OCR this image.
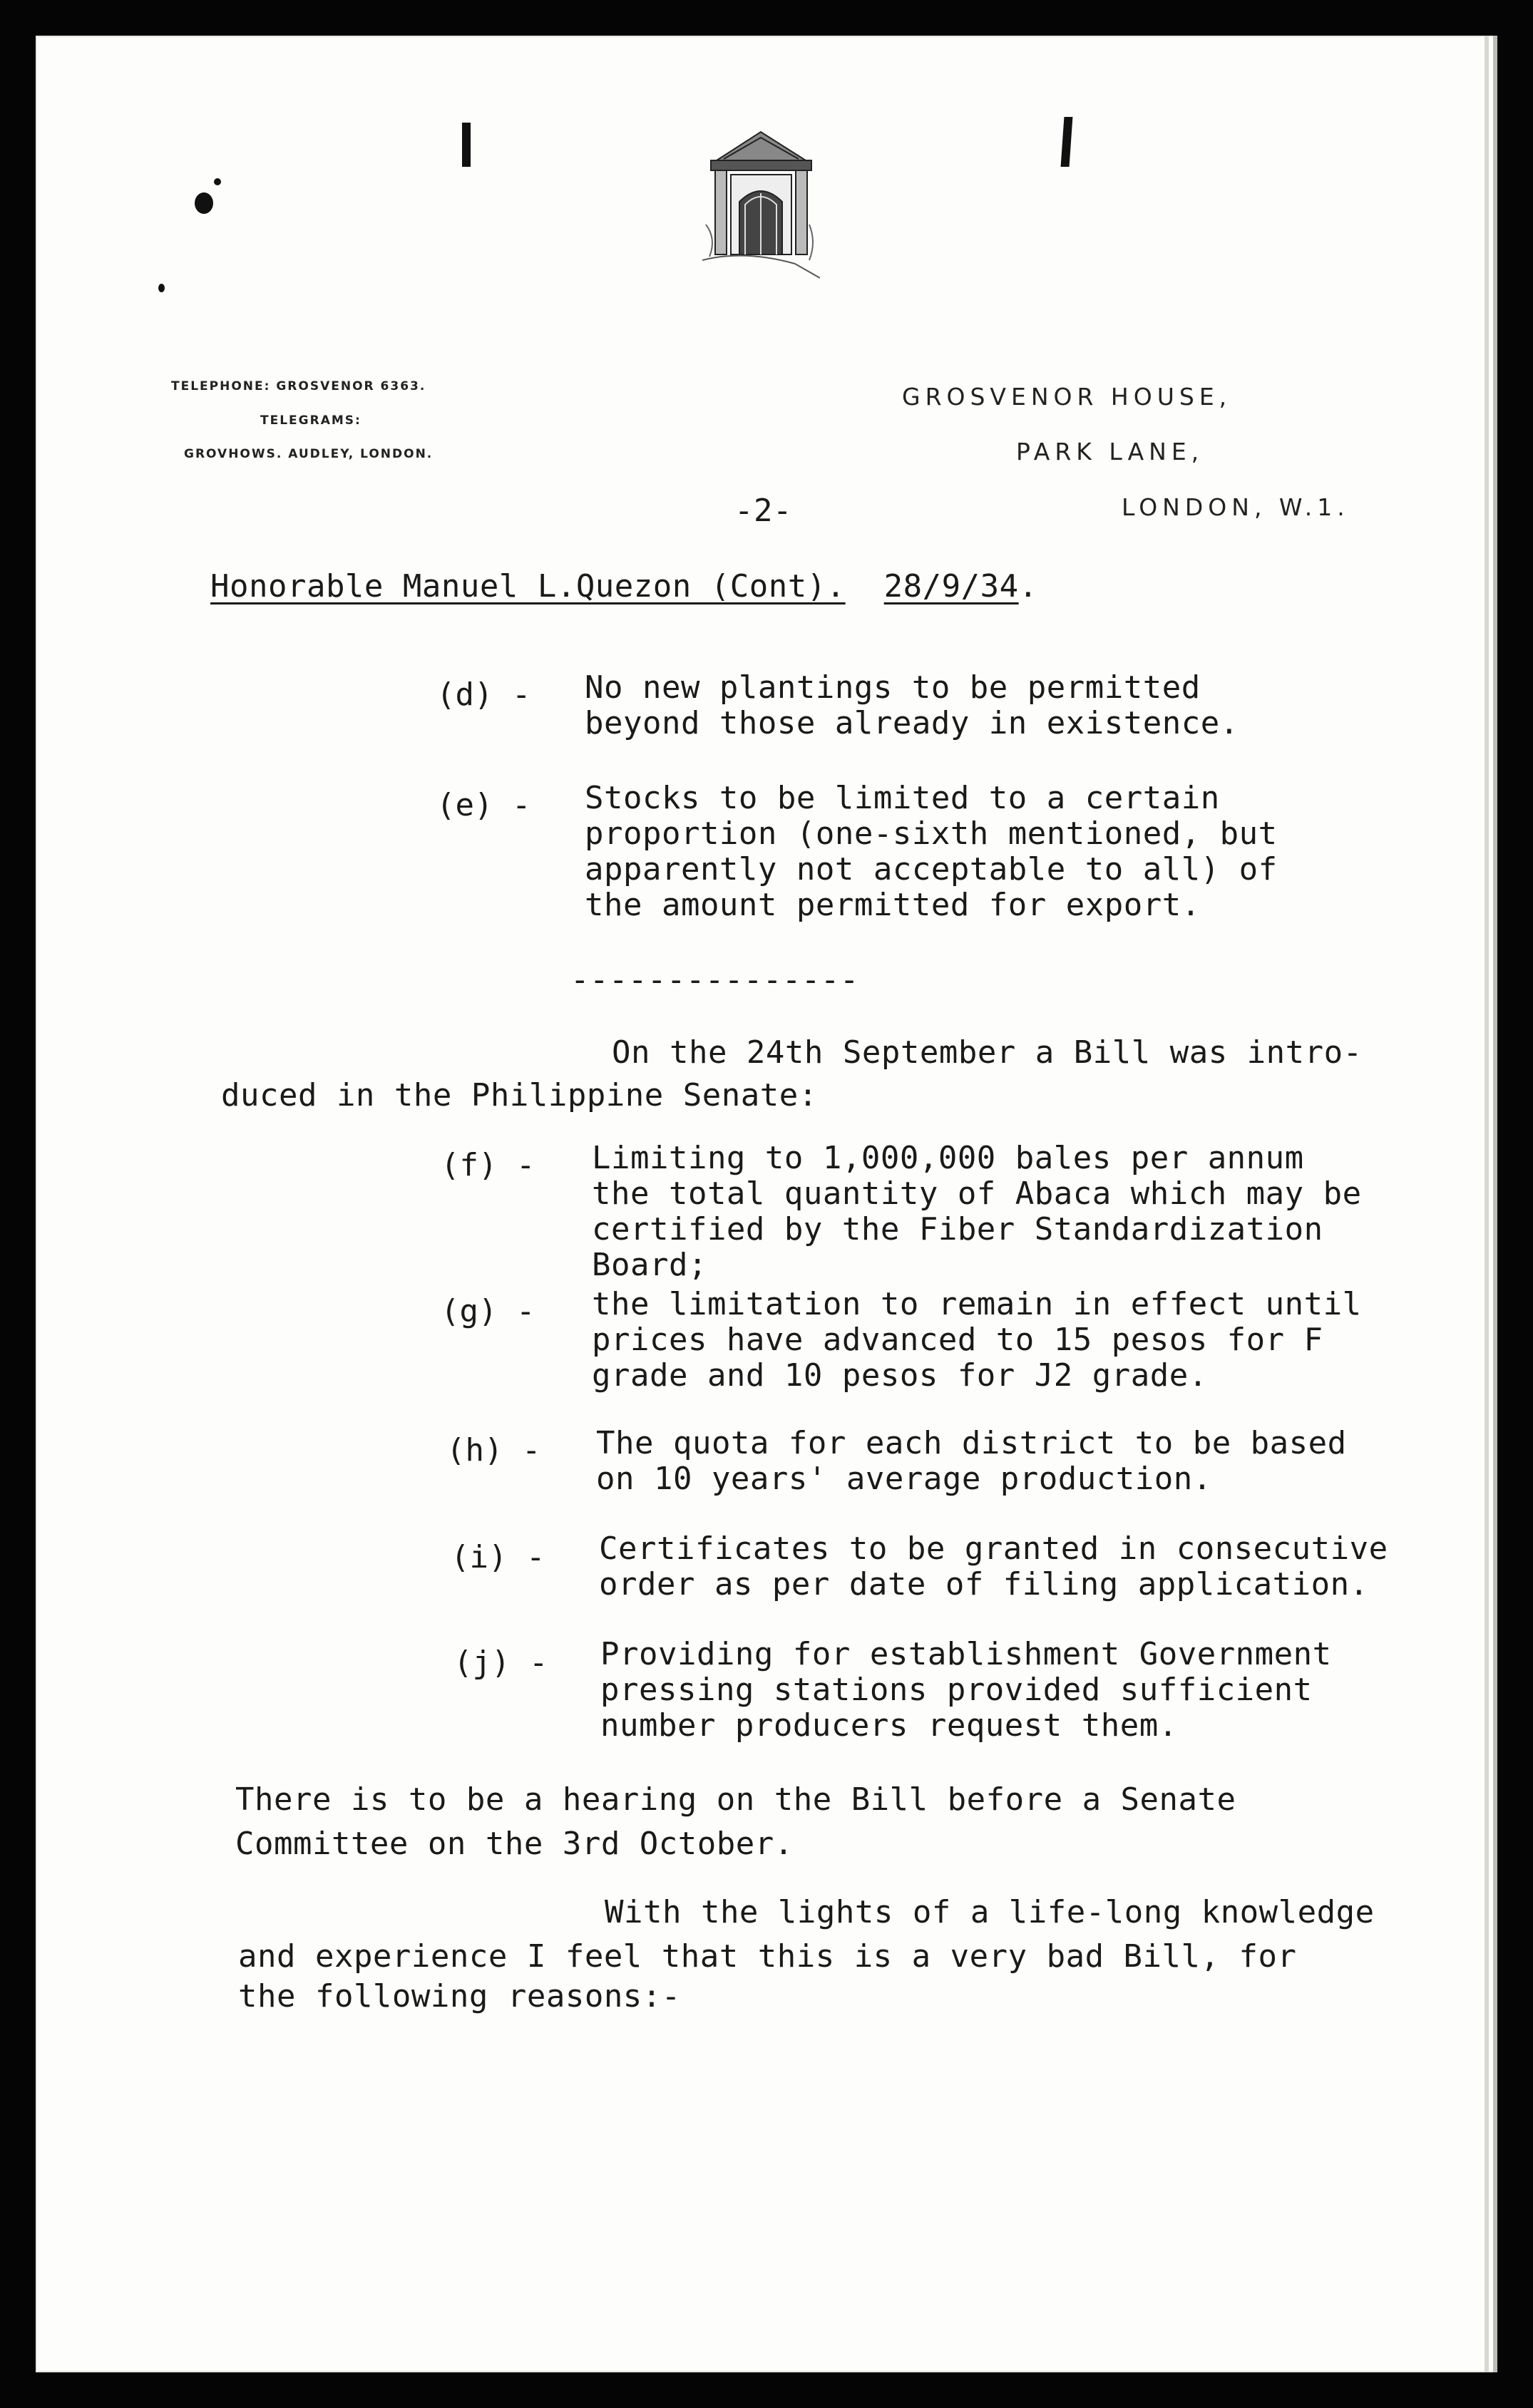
TELEPHONE: GROSVENOR 6363.
TELEGRAMS:
GROVHOWS. AUDLEY, LONDON.
GROSVENOR HOUSE,
PARK LANE,
LONDON, W.1.
-2-
Honorable Manuel L.Quezon (Cont). 28/9/34.
(d) - No new plantings to be permitted
beyond those already in existence.
(e) - Stocks to be limited to a certain
proportion (one-sixth mentioned, but
apparently not acceptable to all) of
the amount permitted for export.
---------------
On the 24th September a Bill was intro-
duced in the Philippine Senate:
(f) - Limiting to 1,000,000 bales per annum
the total quantity of Abaca which may be
certified by the Fiber Standardization
Board;
(g) - the limitation to remain in effect until
prices have advanced to 15 pesos for F
grade and 10 pesos for J2 grade.
(h) - The quota for each district to be based
on 10 years' average production.
(i) - Certificates to be granted in consecutive
order as per date of filing application.
(j) - Providing for establishment Government
pressing stations provided sufficient
number producers request them.
There is to be a hearing on the Bill before a Senate
Committee on the 3rd October.
With the lights of a life-long knowledge
and experience I feel that this is a very bad Bill, for
the following reasons:-
